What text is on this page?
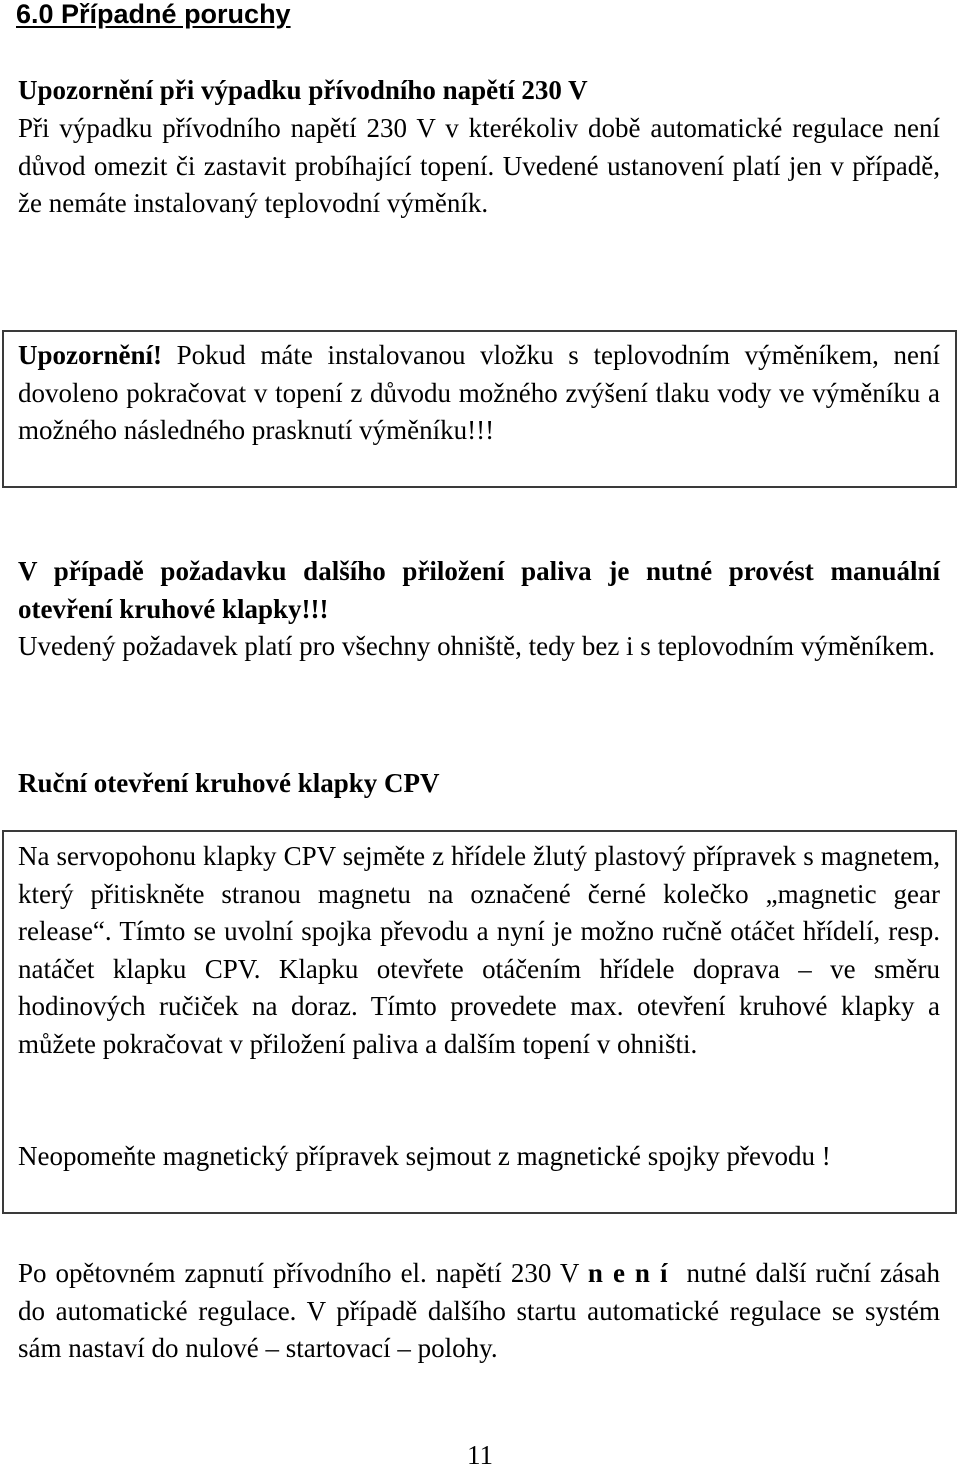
6.0 Případné poruchy

Upozornění při výpadku přívodního napětí 230 V

Při výpadku přívodního napětí 230 V v kterékoliv době automatické regulace není důvod omezit či zastavit probíhající topení. Uvedené ustanovení platí jen v případě, že nemáte instalovaný teplovodní výměník.

Upozornění! Pokud máte instalovanou vložku s teplovodním výměníkem, není dovoleno pokračovat v topení z důvodu možného zvýšení tlaku vody ve výměníku a možného následného prasknutí výměníku!!!

V případě požadavku dalšího přiložení paliva je nutné provést manuální otevření kruhové klapky!!!

Uvedený požadavek platí pro všechny ohniště, tedy bez i s teplovodním výměníkem.

Ruční otevření kruhové klapky CPV

Na servopohonu klapky CPV sejměte z hřídele žlutý plastový přípravek s magnetem, který přitiskněte stranou magnetu na označené černé kolečko „magnetic gear release“. Tímto se uvolní spojka převodu a nyní je možno ručně otáčet hřídelí, resp. natáčet klapku CPV. Klapku otevřete otáčením hřídele doprava – ve směru hodinových ručiček na doraz. Tímto provedete max. otevření kruhové klapky a můžete pokračovat v přiložení paliva a dalším topení v ohništi.

Neopomeňte magnetický přípravek sejmout z magnetické spojky převodu !

Po opětovném zapnutí přívodního el. napětí 230 V není nutné další ruční zásah do automatické regulace. V případě dalšího startu automatické regulace se systém sám nastaví do nulové – startovací – polohy.

11
